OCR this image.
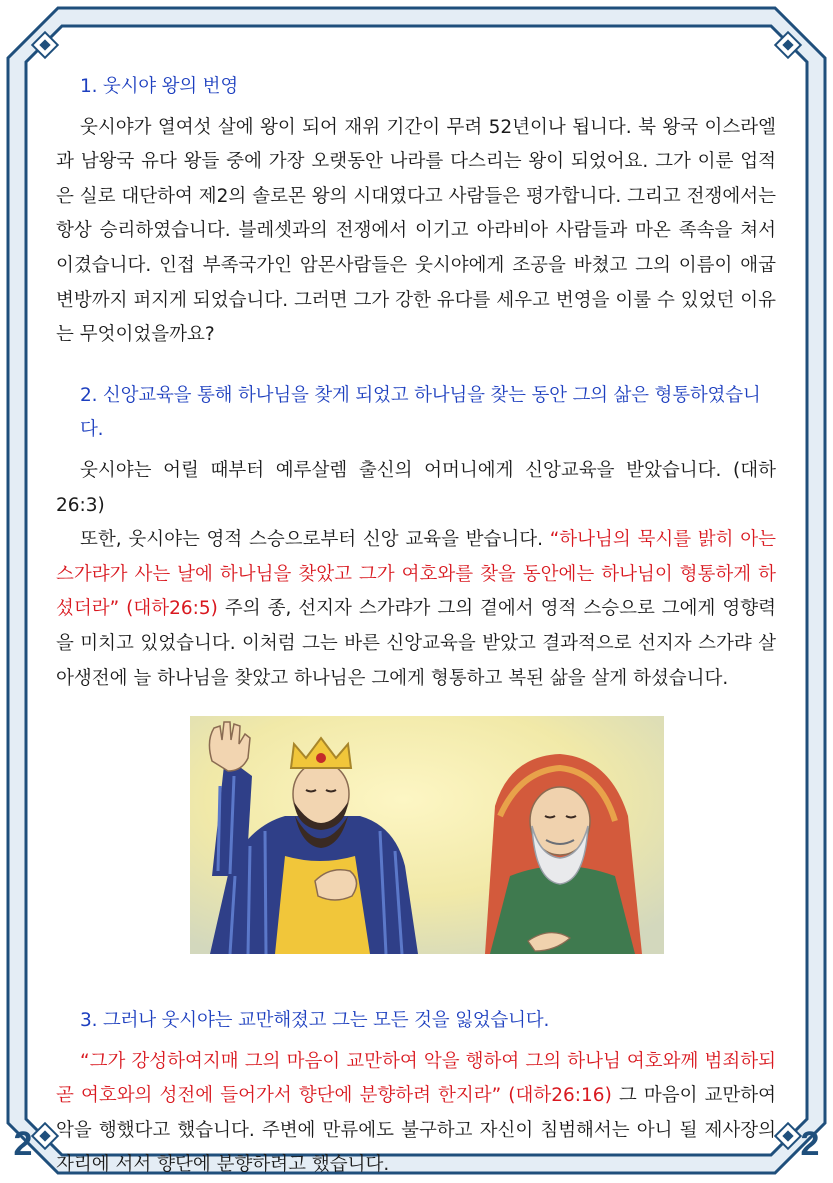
2	2

1. 웃시야 왕의 번영

웃시야가 열여섯 살에 왕이 되어 재위 기간이 무려 52년이나 됩니다. 북 왕국 이스라엘과 남왕국 유다 왕들 중에 가장 오랫동안 나라를 다스리는 왕이 되었어요. 그가 이룬 업적은 실로 대단하여 제2의 솔로몬 왕의 시대였다고 사람들은 평가합니다. 그리고 전쟁에서는 항상 승리하였습니다. 블레셋과의 전쟁에서 이기고 아라비아 사람들과 마온 족속을 쳐서 이겼습니다. 인접 부족국가인 암몬사람들은 웃시야에게 조공을 바쳤고 그의 이름이 애굽 변방까지 퍼지게 되었습니다. 그러면 그가 강한 유다를 세우고 번영을 이룰 수 있었던 이유는 무엇이었을까요?

2. 신앙교육을 통해 하나님을 찾게 되었고 하나님을 찾는 동안 그의 삶은 형통하였습니다.

웃시야는 어릴 때부터 예루살렘 출신의 어머니에게 신앙교육을 받았습니다. (대하 26:3)

또한, 웃시야는 영적 스승으로부터 신앙 교육을 받습니다. “하나님의 묵시를 밝히 아는 스가랴가 사는 날에 하나님을 찾았고 그가 여호와를 찾을 동안에는 하나님이 형통하게 하셨더라” (대하26:5) 주의 종, 선지자 스가랴가 그의 곁에서 영적 스승으로 그에게 영향력을 미치고 있었습니다. 이처럼 그는 바른 신앙교육을 받았고 결과적으로 선지자 스가랴 살아생전에 늘 하나님을 찾았고 하나님은 그에게 형통하고 복된 삶을 살게 하셨습니다.

3. 그러나 웃시야는 교만해졌고 그는 모든 것을 잃었습니다.

“그가 강성하여지매 그의 마음이 교만하여 악을 행하여 그의 하나님 여호와께 범죄하되 곧 여호와의 성전에 들어가서 향단에 분향하려 한지라” (대하26:16) 그 마음이 교만하여 악을 행했다고 했습니다. 주변에 만류에도 불구하고 자신이 침범해서는 아니 될 제사장의 자리에 서서 향단에 분향하려고 했습니다.
